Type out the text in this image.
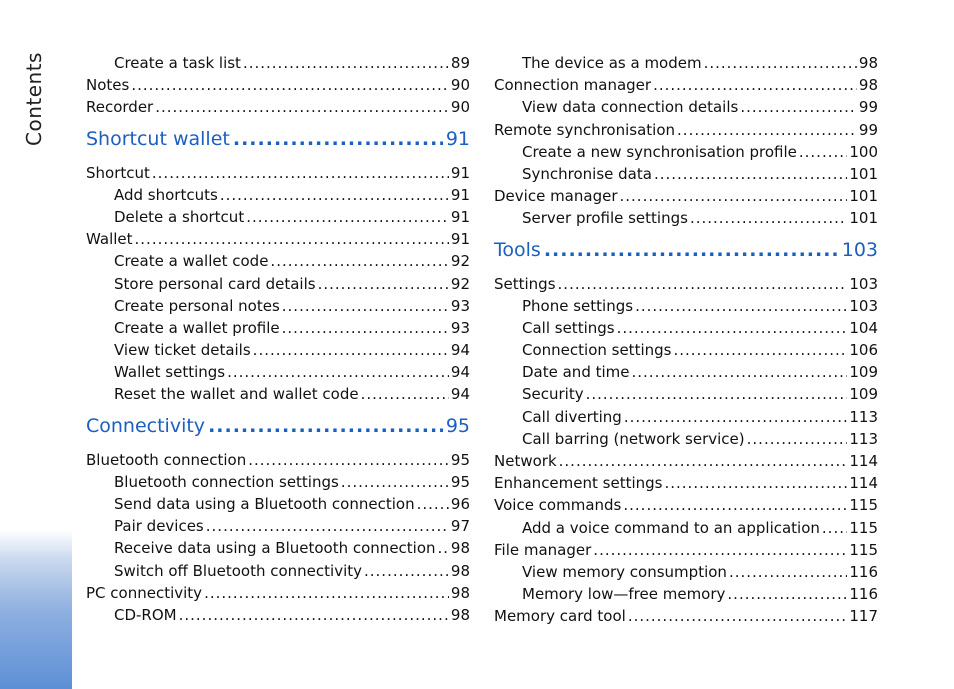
Contents	Create a task list .....	89
Notes .....	90
Recorder .....	90
Shortcut wallet .....	91
Shortcut .....	91
Add shortcuts .....	91
Delete a shortcut .....	91
Wallet .....	91
Create a wallet code .....	92
Store personal card details .....	92
Create personal notes .....	93
Create a wallet profile .....	93
View ticket details .....	94
Wallet settings .....	94
Reset the wallet and wallet code .....	94
Connectivity .....	95
Bluetooth connection .....	95
Bluetooth connection settings .....	95
Send data using a Bluetooth connection ..... 96
Pair devices .....	97
Receive data using a Bluetooth connection ..... 98
Switch off Bluetooth connectivity .....	98
PC connectivity .....	98
CD-ROM .....	98
The device as a modem .....	98
Connection manager .....	98
View data connection details .....	99
Remote synchronisation .....	99
Create a new synchronisation profile .....	100
Synchronise data .....	101
Device manager .....	101
Server profile settings .....	101
Tools .....	103
Settings .....	103
Phone settings .....	103
Call settings .....	104
Connection settings .....	106
Date and time .....	109
Security .....	109
Call diverting .....	113
Call barring (network service) .....	113
Network .....	114
Enhancement settings .....	114
Voice commands .....	115
Add a voice command to an application ..... 115
File manager .....	115
View memory consumption .....	116
Memory low—free memory .....	116
Memory card tool .....	117
